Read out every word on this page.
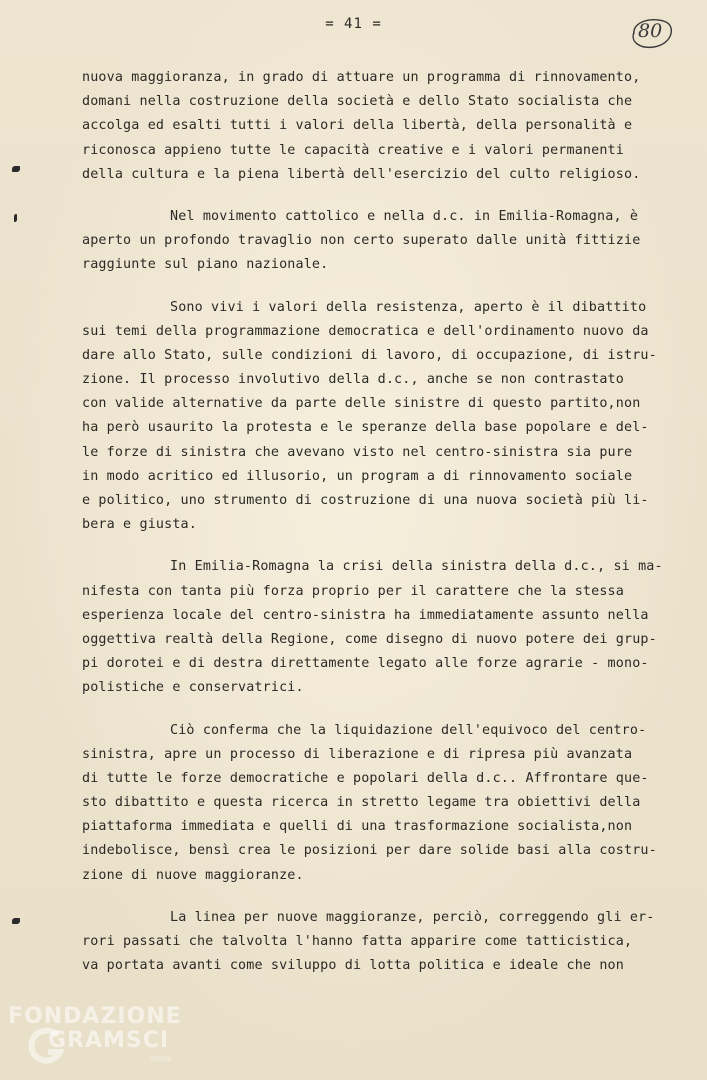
= 41 =	80
nuova maggioranza, in grado di attuare un programma di rinnovamento,
domani nella costruzione della società e dello Stato socialista che
accolga ed esalti tutti i valori della libertà, della personalità e
riconosca appieno tutte le capacità creative e i valori permanenti
della cultura e la piena libertà dell'esercizio del culto religioso.
Nel movimento cattolico e nella d.c. in Emilia-Romagna, è
aperto un profondo travaglio non certo superato dalle unità fittizie
raggiunte sul piano nazionale.
Sono vivi i valori della resistenza, aperto è il dibattito
sui temi della programmazione democratica e dell'ordinamento nuovo da
dare allo Stato, sulle condizioni di lavoro, di occupazione, di istru-
zione. Il processo involutivo della d.c., anche se non contrastato
con valide alternative da parte delle sinistre di questo partito,non
ha però usaurito la protesta e le speranze della base popolare e del-
le forze di sinistra che avevano visto nel centro-sinistra sia pure
in modo acritico ed illusorio, un program a di rinnovamento sociale
e politico, uno strumento di costruzione di una nuova società più li-
bera e giusta.
In Emilia-Romagna la crisi della sinistra della d.c., si ma-
nifesta con tanta più forza proprio per il carattere che la stessa
esperienza locale del centro-sinistra ha immediatamente assunto nella
oggettiva realtà della Regione, come disegno di nuovo potere dei grup-
pi dorotei e di destra direttamente legato alle forze agrarie - mono-
polistiche e conservatrici.
Ciò conferma che la liquidazione dell'equivoco del centro-
sinistra, apre un processo di liberazione e di ripresa più avanzata
di tutte le forze democratiche e popolari della d.c.. Affrontare que-
sto dibattito e questa ricerca in stretto legame tra obiettivi della
piattaforma immediata e quelli di una trasformazione socialista,non
indebolisce, bensì crea le posizioni per dare solide basi alla costru-
zione di nuove maggioranze.
La linea per nuove maggioranze, perciò, correggendo gli er-
rori passati che talvolta l'hanno fatta apparire come tatticistica,
va portata avanti come sviluppo di lotta politica e ideale che non
FONDAZIONE
GRAMSCI
onlus
